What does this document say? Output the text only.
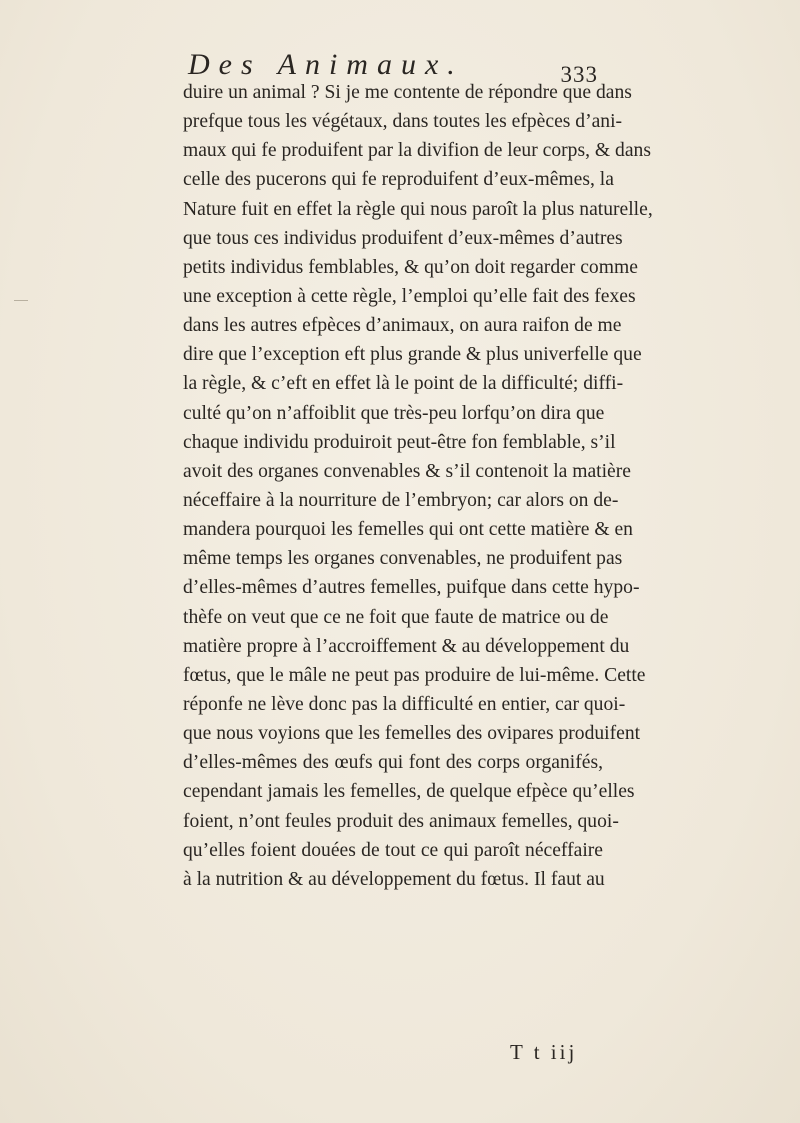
Des Animaux.	333
duire un animal ? Si je me contente de répondre que dans
prefque tous les végétaux, dans toutes les efpèces d’ani-
maux qui fe produifent par la divifion de leur corps, & dans
celle des pucerons qui fe reproduifent d’eux-mêmes, la
Nature fuit en effet la règle qui nous paroît la plus naturelle,
que tous ces individus produifent d’eux-mêmes d’autres
petits individus femblables, & qu’on doit regarder comme
une exception à cette règle, l’emploi qu’elle fait des fexes
dans les autres efpèces d’animaux, on aura raifon de me
dire que l’exception eft plus grande & plus univerfelle que
la règle, & c’eft en effet là le point de la difficulté; diffi-
culté qu’on n’affoiblit que très-peu lorfqu’on dira que
chaque individu produiroit peut-être fon femblable, s’il
avoit des organes convenables & s’il contenoit la matière
néceffaire à la nourriture de l’embryon; car alors on de-
mandera pourquoi les femelles qui ont cette matière & en
même temps les organes convenables, ne produifent pas
d’elles-mêmes d’autres femelles, puifque dans cette hypo-
thèfe on veut que ce ne foit que faute de matrice ou de
matière propre à l’accroiffement & au développement du
fœtus, que le mâle ne peut pas produire de lui-même. Cette
réponfe ne lève donc pas la difficulté en entier, car quoi-
que nous voyions que les femelles des ovipares produifent
d’elles-mêmes des œufs qui font des corps organifés,
cependant jamais les femelles, de quelque efpèce qu’elles
foient, n’ont feules produit des animaux femelles, quoi-
qu’elles foient douées de tout ce qui paroît néceffaire
à la nutrition & au développement du fœtus. Il faut au
T t iij
